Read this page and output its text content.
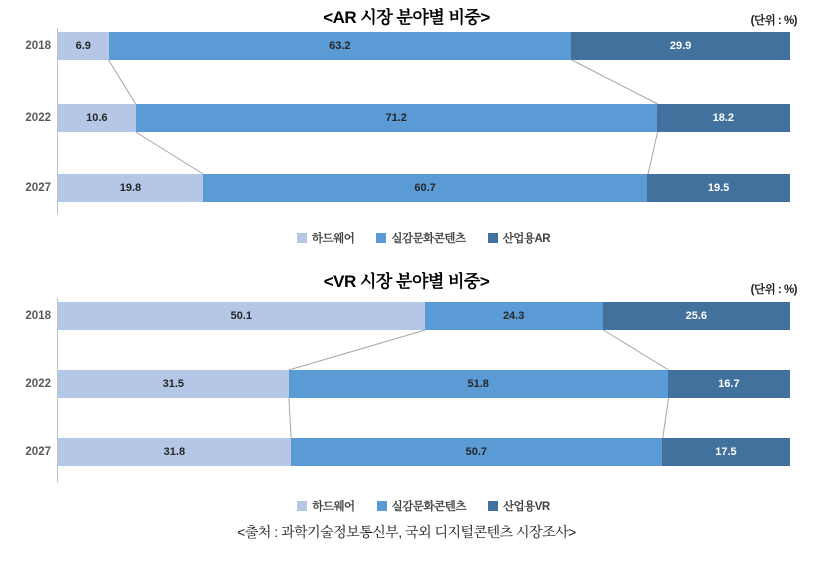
<AR 시장 분야별 비중>	(단위 : %)
2018 6.9	63.2	29.9
2022	10.6	71.2	18.2
2027	19.8	60.7	19.5
하드웨어	실감문화콘텐츠	산업용AR
<VR 시장 분야별 비중>	(단위 : %)
2018	50.1	24.3	25.6
2022	31.5	51.8	16.7
2027	31.8	50.7	17.5
하드웨어	실감문화콘텐츠	산업용VR
<출처 : 과학기술정보통신부, 국외 디지털콘텐츠 시장조사>
